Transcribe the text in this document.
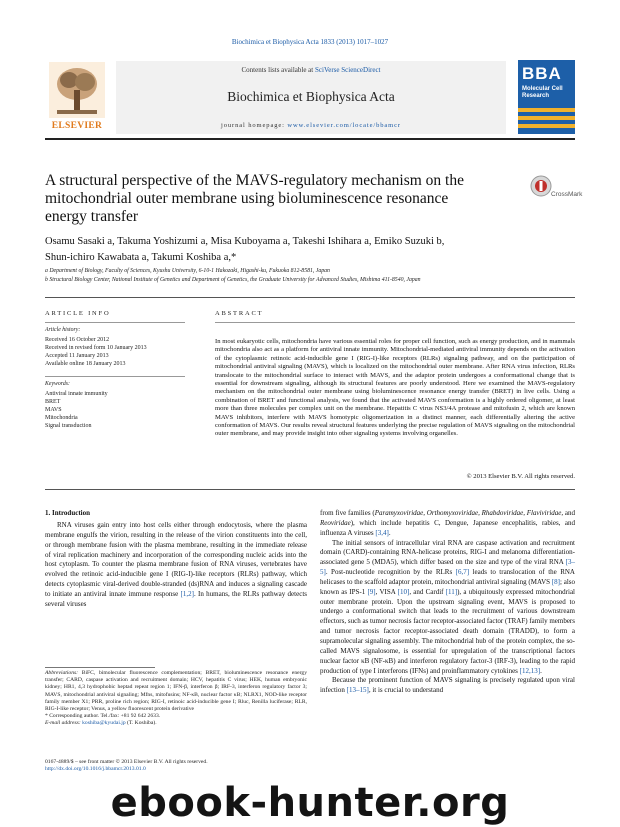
Biochimica et Biophysica Acta 1833 (2013) 1017–1027
Contents lists available at SciVerse ScienceDirect
Biochimica et Biophysica Acta
journal homepage: www.elsevier.com/locate/bbamcr
ELSEVIER
BBA
Molecular Cell Research
A structural perspective of the MAVS-regulatory mechanism on the mitochondrial outer membrane using bioluminescence resonance energy transfer
CrossMark
Osamu Sasaki a, Takuma Yoshizumi a, Misa Kuboyama a, Takeshi Ishihara a, Emiko Suzuki b,
Shun-ichiro Kawabata a, Takumi Koshiba a,*
a Department of Biology, Faculty of Sciences, Kyushu University, 6-10-1 Hakozaki, Higashi-ku, Fukuoka 812-8581, Japan
b Structural Biology Center, National Institute of Genetics and Department of Genetics, the Graduate University for Advanced Studies, Mishima 411-8540, Japan
ARTICLE INFO
Article history:
Received 16 October 2012
Received in revised form 10 January 2013
Accepted 11 January 2013
Available online 18 January 2013
Keywords:
Antiviral innate immunity
BRET
MAVS
Mitochondria
Signal transduction
ABSTRACT
In most eukaryotic cells, mitochondria have various essential roles for proper cell function, such as energy production, and in mammals mitochondria also act as a platform for antiviral innate immunity. Mitochondrial-mediated antiviral immunity depends on the activation of the cytoplasmic retinoic acid-inducible gene I (RIG-I)-like receptors (RLRs) signaling pathway, and on the participation of mitochondrial antiviral signaling (MAVS), which is localized on the mitochondrial outer membrane. After RNA virus infection, RLRs translocate to the mitochondrial surface to interact with MAVS, and the adaptor protein undergoes a conformational change that is essential for downstream signaling, although its structural features are poorly understood. Here we examined the MAVS-regulatory mechanism on the mitochondrial outer membrane using bioluminescence resonance energy transfer (BRET) in live cells. Using a combination of BRET and functional analysis, we found that the activated MAVS conformation is a highly ordered oligomer, at least more than three molecules per complex unit on the membrane. Hepatitis C virus NS3/4A protease and mitofusin 2, which are known MAVS inhibitors, interfere with MAVS homotypic oligomerization in a distinct manner, each differentially altering the active conformation of MAVS. Our results reveal structural features underlying the precise regulation of MAVS signaling on the mitochondrial outer membrane, and may provide insight into other signaling systems involving organelles.
© 2013 Elsevier B.V. All rights reserved.
1. Introduction
RNA viruses gain entry into host cells either through endocytosis, where the plasma membrane engulfs the virion, resulting in the release of the virion constituents into the cell, or through membrane fusion with the plasma membrane, resulting in the immediate release of viral replication machinery and incorporation of the corresponding nucleic acids into the host cytoplasm. To counter the plasma membrane fusion of RNA viruses, vertebrates have evolved the retinoic acid-inducible gene I (RIG-I)-like receptors (RLRs) pathway, which detects cytoplasmic viral-derived double-stranded (ds)RNA and induces a signaling cascade to initiate an antiviral innate immune response [1,2]. In humans, the RLRs pathway detects several viruses
from five families (Paramyxoviridae, Orthomyxoviridae, Rhabdoviridae, Flaviviridae, and Reoviridae), which include hepatitis C, Dengue, Japanese encephalitis, rabies, and influenza A viruses [3,4].
The initial sensors of intracellular viral RNA are caspase activation and recruitment domain (CARD)-containing RNA-helicase proteins, RIG-I and melanoma differentiation-associated gene 5 (MDA5), which differ based on the size and type of the viral RNA [3–5]. Post-nucleotide recognition by the RLRs [6,7] leads to translocation of the RNA helicases to the scaffold adaptor protein, mitochondrial antiviral signaling (MAVS [8]; also known as IPS-1 [9], VISA [10], and Cardif [11]), a ubiquitously expressed mitochondrial outer membrane protein. Upon the upstream signaling event, MAVS is proposed to undergo a conformational switch that leads to the recruitment of various downstream effectors, such as tumor necrosis factor receptor-associated factor (TRAF) family members and tumor necrosis factor receptor-associated death domain (TRADD), to form a supramolecular signaling assembly. The mitochondrial hub of the protein complex, the so-called MAVS signalosome, is essential for upregulation of the transcriptional factors nuclear factor κB (NF-κB) and interferon regulatory factor-3 (IRF-3), leading to the rapid production of type I interferons (IFNs) and proinflammatory cytokines [12,13].
Because the prominent function of MAVS signaling is precisely regulated upon viral infection [13–15], it is crucial to understand
Abbreviations: BiFC, bimolecular fluorescence complementation; BRET, bioluminescence resonance energy transfer; CARD, caspase activation and recruitment domain; HCV, hepatitis C virus; HEK, human embryonic kidney; HR1, 4,3 hydrophobic heptad repeat region 1; IFN-β, interferon β; IRF-3, interferon regulatory factor 3; MAVS, mitochondrial antiviral signaling; Mfns, mitofusins; NF-κB, nuclear factor κB; NLRX1, NOD-like receptor family member X1; PRR, proline rich region; RIG-I, retinoic acid-inducible gene I; Rluc, Renilla luciferase; RLR, RIG-I-like receptor; Venus, a yellow fluorescent protein derivative
* Corresponding author. Tel./fax: +81 92 642 2633.
E-mail address: koshiba@kyudai.jp (T. Koshiba).
0167-4889/$ – see front matter © 2013 Elsevier B.V. All rights reserved.
http://dx.doi.org/10.1016/j.bbamcr.2013.01.0
ebook-hunter.org
